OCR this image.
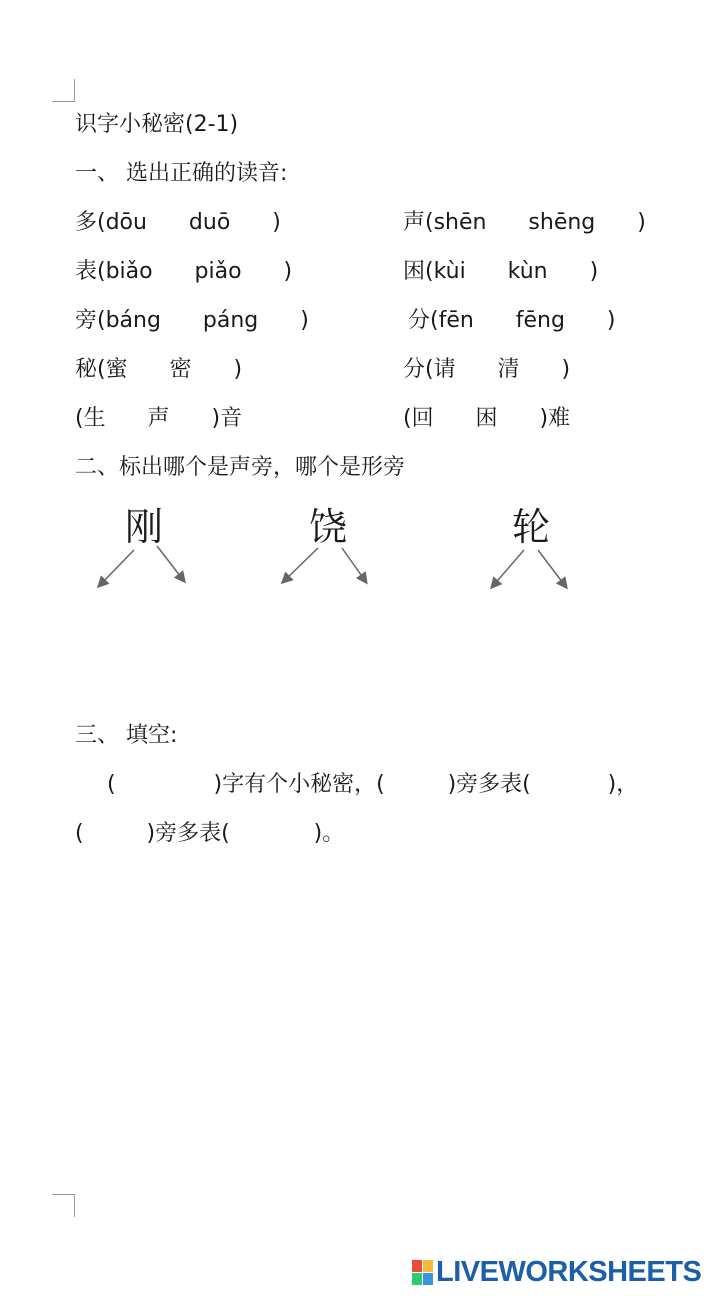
识字小秘密(2-1)
一、 选出正确的读音:
多(dōu      duō      )	声(shēn      shēng      )
表(biǎo      piǎo      )	困(kùi      kùn      )
旁(báng      páng      )	分(fēn      fēng      )
秘(蜜      密      )	分(请      清      )
(生      声      )音	(回      困      )难
二、标出哪个是声旁，哪个是形旁
刚	饶	轮
三、 填空:
(              )字有个小秘密，(         )旁多表(           )，
(         )旁多表(            )。
LIVEWORKSHEETS
